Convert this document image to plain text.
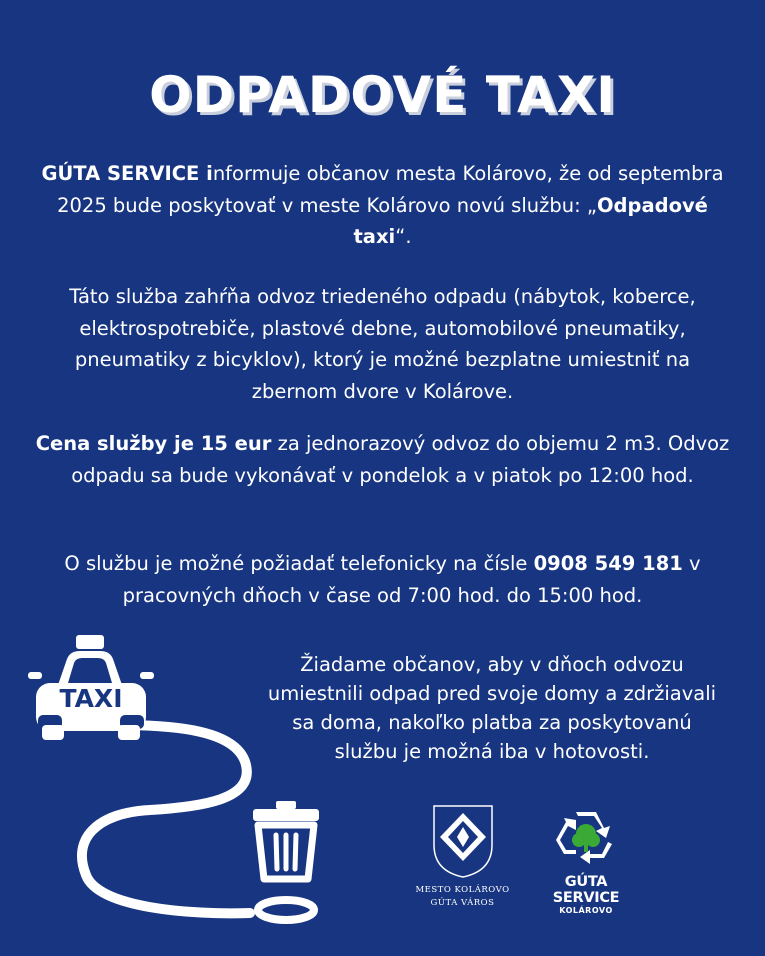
ODPADOVÉ TAXI

GÚTA SERVICE informuje občanov mesta Kolárovo, že od septembra 2025 bude poskytovať v meste Kolárovo novú službu: „Odpadové taxi“.

Táto služba zahŕňa odvoz triedeného odpadu (nábytok, koberce, elektrospotrebiče, plastové debne, automobilové pneumatiky, pneumatiky z bicyklov), ktorý je možné bezplatne umiestniť na zbernom dvore v Kolárove.

Cena služby je 15 eur za jednorazový odvoz do objemu 2 m3. Odvoz odpadu sa bude vykonávať v pondelok a v piatok po 12:00 hod.

O službu je možné požiadať telefonicky na čísle 0908 549 181 v pracovných dňoch v čase od 7:00 hod. do 15:00 hod.

Žiadame občanov, aby v dňoch odvozu umiestnili odpad pred svoje domy a zdržiavali sa doma, nakoľko platba za poskytovanú službu je možná iba v hotovosti.

TAXI
MESTO KOLÁROVO
GÚTA VÁROS
GÚTA SERVICE
KOLÁROVO
